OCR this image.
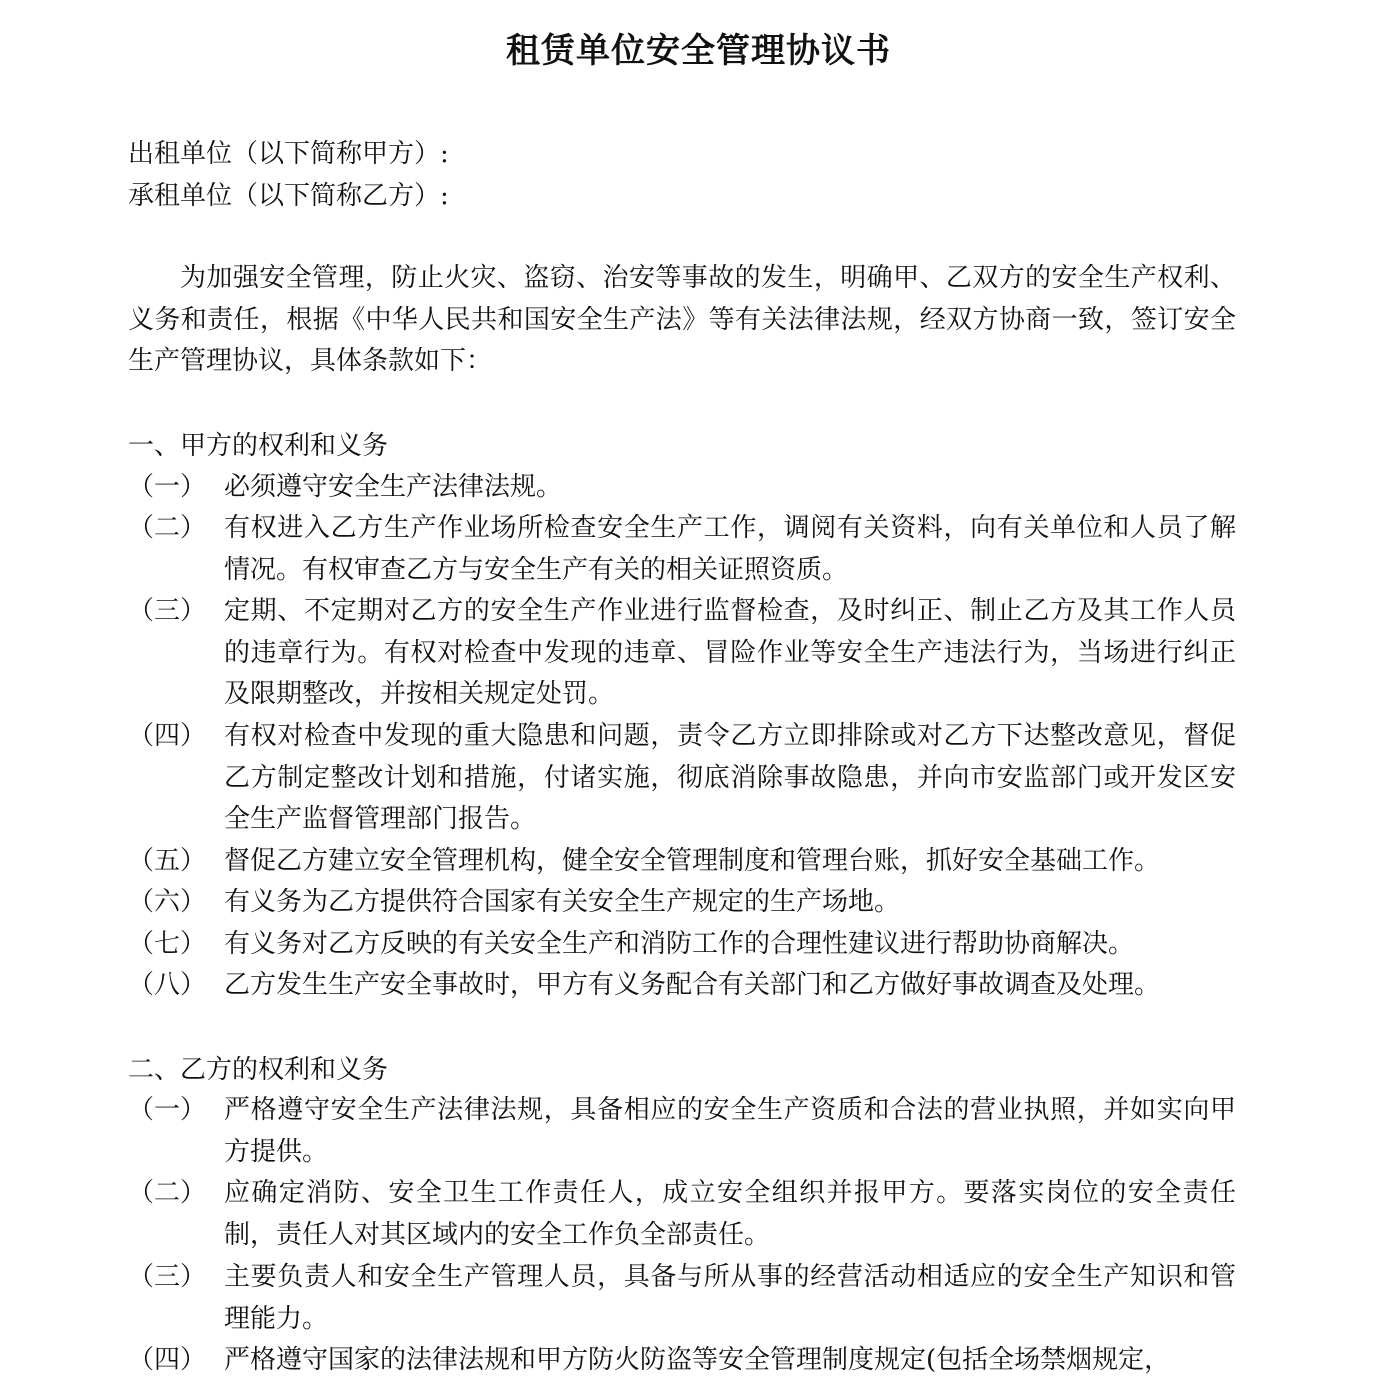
租赁单位安全管理协议书
出租单位（以下简称甲方）:
承租单位（以下简称乙方）:
为加强安全管理，防止火灾、盗窃、治安等事故的发生，明确甲、乙双方的安全生产权利、义务和责任，根据《中华人民共和国安全生产法》等有关法律法规，经双方协商一致，签订安全生产管理协议，具体条款如下：
一、甲方的权利和义务
（一） 必须遵守安全生产法律法规。
（二） 有权进入乙方生产作业场所检查安全生产工作，调阅有关资料，向有关单位和人员了解情况。有权审查乙方与安全生产有关的相关证照资质。
（三） 定期、不定期对乙方的安全生产作业进行监督检查，及时纠正、制止乙方及其工作人员的违章行为。有权对检查中发现的违章、冒险作业等安全生产违法行为，当场进行纠正及限期整改，并按相关规定处罚。
（四） 有权对检查中发现的重大隐患和问题，责令乙方立即排除或对乙方下达整改意见，督促乙方制定整改计划和措施，付诸实施，彻底消除事故隐患，并向市安监部门或开发区安全生产监督管理部门报告。
（五） 督促乙方建立安全管理机构，健全安全管理制度和管理台账，抓好安全基础工作。
（六） 有义务为乙方提供符合国家有关安全生产规定的生产场地。
（七） 有义务对乙方反映的有关安全生产和消防工作的合理性建议进行帮助协商解决。
（八） 乙方发生生产安全事故时，甲方有义务配合有关部门和乙方做好事故调查及处理。
二、乙方的权利和义务
（一） 严格遵守安全生产法律法规，具备相应的安全生产资质和合法的营业执照，并如实向甲方提供。
（二） 应确定消防、安全卫生工作责任人，成立安全组织并报甲方。要落实岗位的安全责任制，责任人对其区域内的安全工作负全部责任。
（三） 主要负责人和安全生产管理人员，具备与所从事的经营活动相适应的安全生产知识和管理能力。
（四） 严格遵守国家的法律法规和甲方防火防盗等安全管理制度规定(包括全场禁烟规定，
